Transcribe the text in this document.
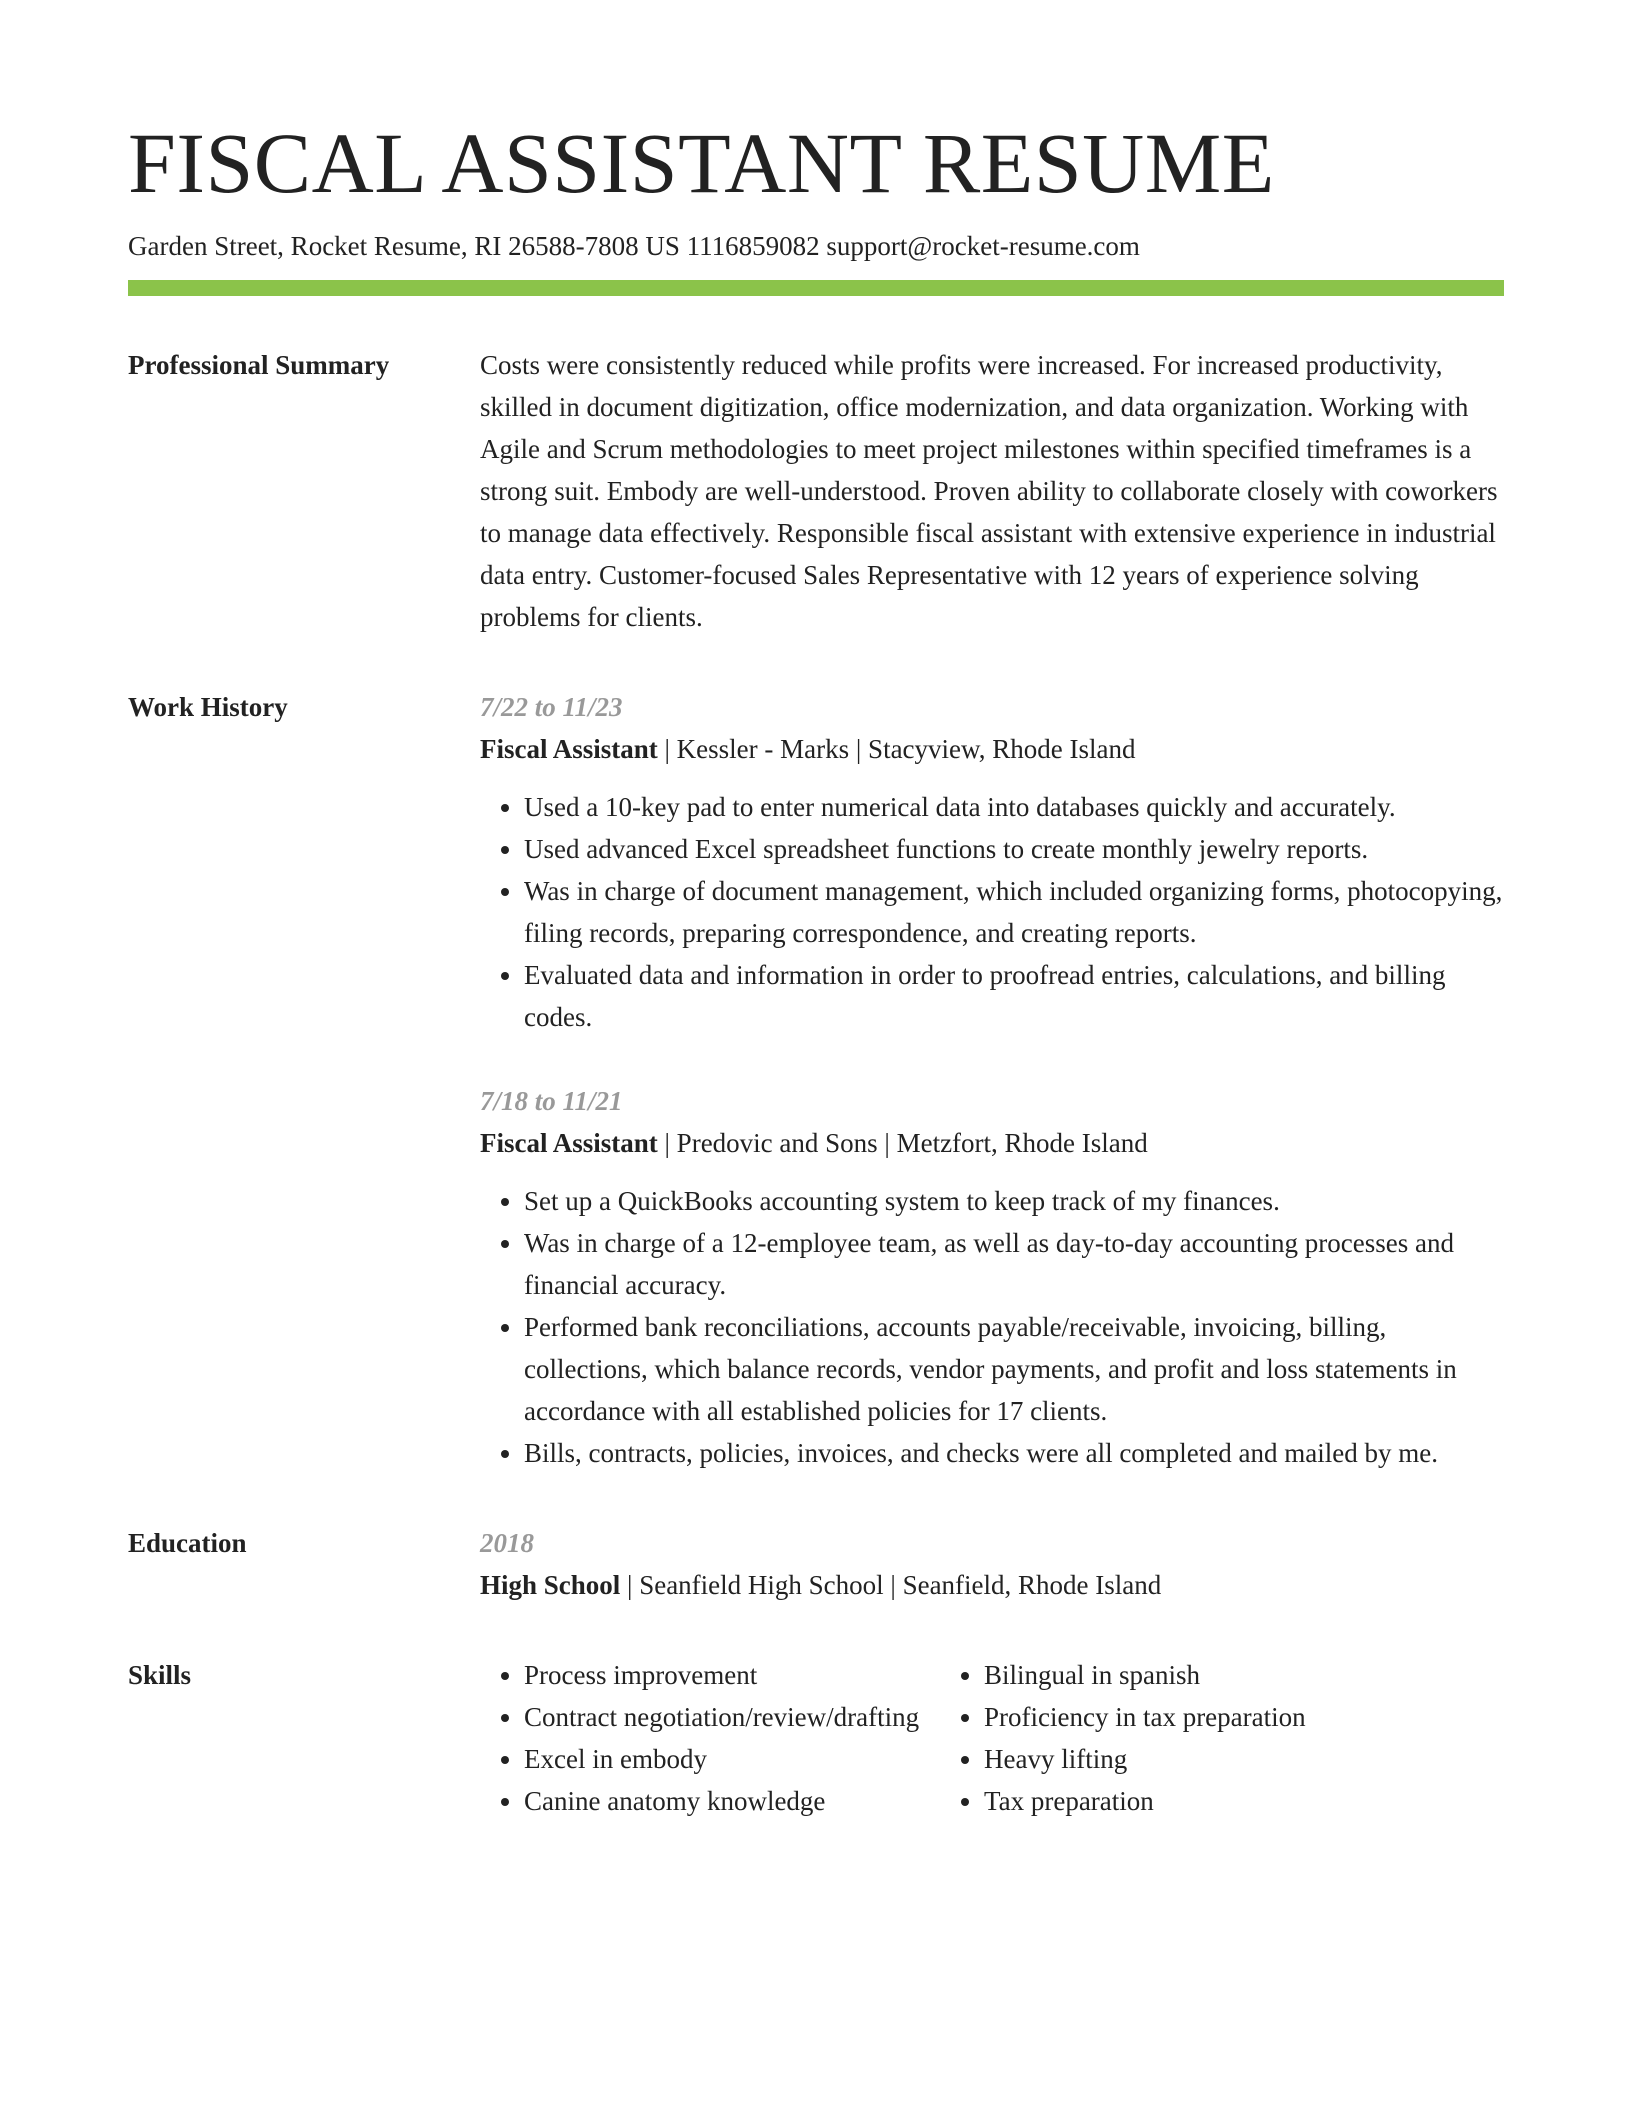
FISCAL ASSISTANT RESUME
Garden Street, Rocket Resume, RI 26588-7808 US 1116859082 support@rocket-resume.com
Professional Summary	Costs were consistently reduced while profits were increased. For increased productivity, skilled in document digitization, office modernization, and data organization. Working with Agile and Scrum methodologies to meet project milestones within specified timeframes is a strong suit. Embody are well-understood. Proven ability to collaborate closely with coworkers to manage data effectively. Responsible fiscal assistant with extensive experience in industrial data entry. Customer-focused Sales Representative with 12 years of experience solving problems for clients.

Work History	7/22 to 11/23
Fiscal Assistant | Kessler - Marks | Stacyview, Rhode Island
• Used a 10-key pad to enter numerical data into databases quickly and accurately.
• Used advanced Excel spreadsheet functions to create monthly jewelry reports.
• Was in charge of document management, which included organizing forms, photocopying, filing records, preparing correspondence, and creating reports.
• Evaluated data and information in order to proofread entries, calculations, and billing codes.
7/18 to 11/21
Fiscal Assistant | Predovic and Sons | Metzfort, Rhode Island
• Set up a QuickBooks accounting system to keep track of my finances.
• Was in charge of a 12-employee team, as well as day-to-day accounting processes and financial accuracy.
• Performed bank reconciliations, accounts payable/receivable, invoicing, billing, collections, which balance records, vendor payments, and profit and loss statements in accordance with all established policies for 17 clients.
• Bills, contracts, policies, invoices, and checks were all completed and mailed by me.
Education	2018
High School | Seanfield High School | Seanfield, Rhode Island
Skills
•	Process improvement
• Contract negotiation/review/drafting
• Excel in embody
• Canine anatomy knowledge
• Bilingual in spanish
• Proficiency in tax preparation
• Heavy lifting
• Tax preparation
